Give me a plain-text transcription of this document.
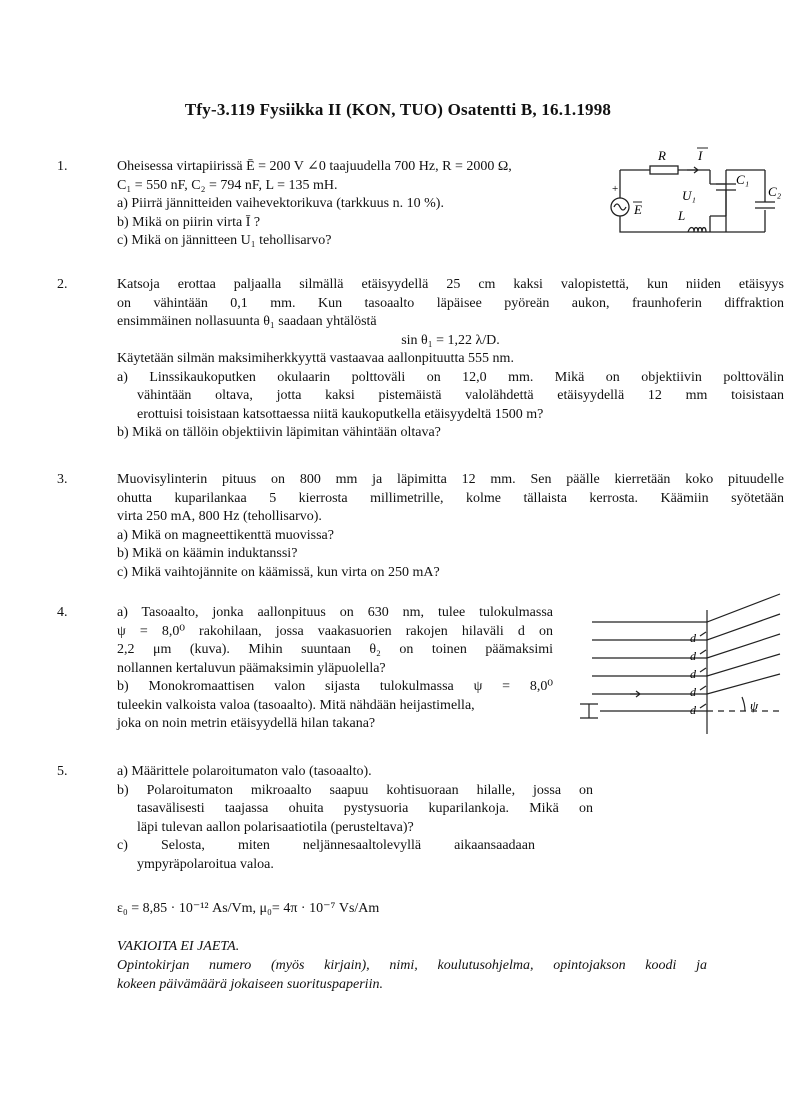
Tfy-3.119 Fysiikka II (KON, TUO) Osatentti B, 16.1.1998
1.	Oheisessa virtapiirissä Ē = 200 V ∠0 taajuudella 700 Hz, R = 2000 Ω,
C₁ = 550 nF, C₂ = 794 nF, L = 135 mH.
a) Piirrä jännitteiden vaihevektorikuva (tarkkuus n. 10 %).
b) Mikä on piirin virta Ī ?
c) Mikä on jännitteen U₁ tehollisarvo?
R I
E
+	U₁
L
C₁
C₂
2.	Katsoja erottaa paljaalla silmällä etäisyydellä 25 cm kaksi valopistettä, kun niiden etäisyys
on vähintään 0,1 mm. Kun tasoaalto läpäisee pyöreän aukon, fraunhoferin diffraktion
ensimmäinen nollasuunta θ₁ saadaan yhtälöstä
sin θ₁ = 1,22 λ/D.
Käytetään silmän maksimiherkkyyttä vastaavaa aallonpituutta 555 nm.
a) Linssikaukoputken okulaarin polttoväli on 12,0 mm. Mikä on objektiivin polttovälin
vähintään oltava, jotta kaksi pistemäistä valolähdettä etäisyydellä 12 mm toisistaan
erottuisi toisistaan katsottaessa niitä kaukoputkella etäisyydeltä 1500 m?
b) Mikä on tällöin objektiivin läpimitan vähintään oltava?
3.	Muovisylinterin pituus on 800 mm ja läpimitta 12 mm. Sen päälle kierretään koko pituudelle
ohutta kuparilankaa 5 kierrosta millimetrille, kolme tällaista kerrosta. Käämiin syötetään
virta 250 mA, 800 Hz (tehollisarvo).
a) Mikä on magneettikenttä muovissa?
b) Mikä on käämin induktanssi?
c) Mikä vaihtojännite on käämissä, kun virta on 250 mA?
4.	a) Tasoaalto, jonka aallonpituus on 630 nm, tulee tulokulmassa
ψ = 8,0⁰ rakohilaan, jossa vaakasuorien rakojen hilaväli d on
2,2 μm (kuva). Mihin suuntaan θ₂ on toinen päämaksimi
nollannen kertaluvun päämaksimin yläpuolella?
b) Monokromaattisen valon sijasta tulokulmassa ψ = 8,0⁰
tuleekin valkoista valoa (tasoaalto). Mitä nähdään heijastimella,
joka on noin metrin etäisyydellä hilan takana?
d
d
d
d
d	ψ
5.	a) Määrittele polaroitumaton valo (tasoaalto).
b) Polaroitumaton mikroaalto saapuu kohtisuoraan hilalle, jossa on
tasavälisesti taajassa ohuita pystysuoria kuparilankoja. Mikä on
läpi tulevan aallon polarisaatiotila (perusteltava)?
c) Selosta, miten neljännesaaltolevyllä aikaansaadaan
ympyräpolaroitua valoa.
ε₀ = 8,85 · 10⁻¹² As/Vm, μ₀= 4π · 10⁻⁷ Vs/Am
VAKIOITA EI JAETA.
Opintokirjan numero (myös kirjain), nimi, koulutusohjelma, opintojakson koodi ja
kokeen päivämäärä jokaiseen suorituspaperiin.
